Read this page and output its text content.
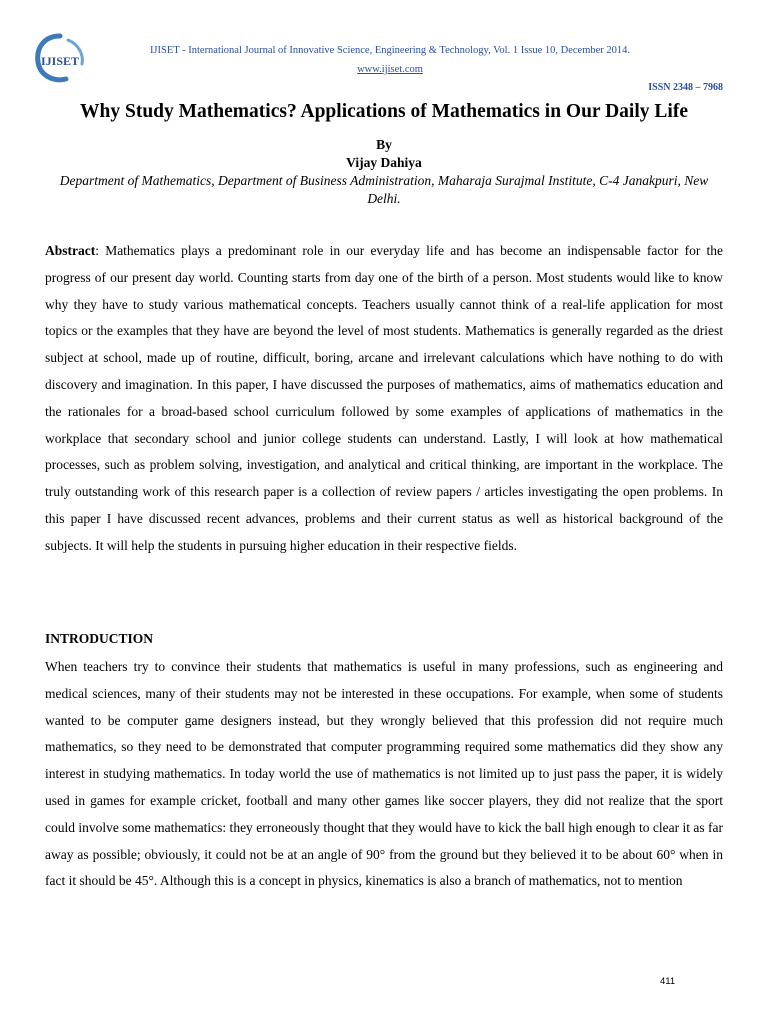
IJISET
IJISET - International Journal of Innovative Science, Engineering & Technology, Vol. 1 Issue 10, December 2014.
www.ijiset.com
ISSN 2348 – 7968
Why Study Mathematics? Applications of Mathematics in Our Daily Life
By
Vijay Dahiya
Department of Mathematics, Department of Business Administration, Maharaja Surajmal Institute, C-4 Janakpuri, New Delhi.
Abstract: Mathematics plays a predominant role in our everyday life and has become an indispensable factor for the progress of our present day world. Counting starts from day one of the birth of a person. Most students would like to know why they have to study various mathematical concepts. Teachers usually cannot think of a real-life application for most topics or the examples that they have are beyond the level of most students. Mathematics is generally regarded as the driest subject at school, made up of routine, difficult, boring, arcane and irrelevant calculations which have nothing to do with discovery and imagination. In this paper, I have discussed the purposes of mathematics, aims of mathematics education and the rationales for a broad-based school curriculum followed by some examples of applications of mathematics in the workplace that secondary school and junior college students can understand. Lastly, I will look at how mathematical processes, such as problem solving, investigation, and analytical and critical thinking, are important in the workplace. The truly outstanding work of this research paper is a collection of review papers / articles investigating the open problems. In this paper I have discussed recent advances, problems and their current status as well as historical background of the subjects. It will help the students in pursuing higher education in their respective fields.
INTRODUCTION
When teachers try to convince their students that mathematics is useful in many professions, such as engineering and medical sciences, many of their students may not be interested in these occupations. For example, when some of students wanted to be computer game designers instead, but they wrongly believed that this profession did not require much mathematics, so they need to be demonstrated that computer programming required some mathematics did they show any interest in studying mathematics. In today world the use of mathematics is not limited up to just pass the paper, it is widely used in games for example cricket, football and many other games like soccer players, they did not realize that the sport could involve some mathematics: they erroneously thought that they would have to kick the ball high enough to clear it as far away as possible; obviously, it could not be at an angle of 90° from the ground but they believed it to be about 60° when in fact it should be 45°. Although this is a concept in physics, kinematics is also a branch of mathematics, not to mention
411
